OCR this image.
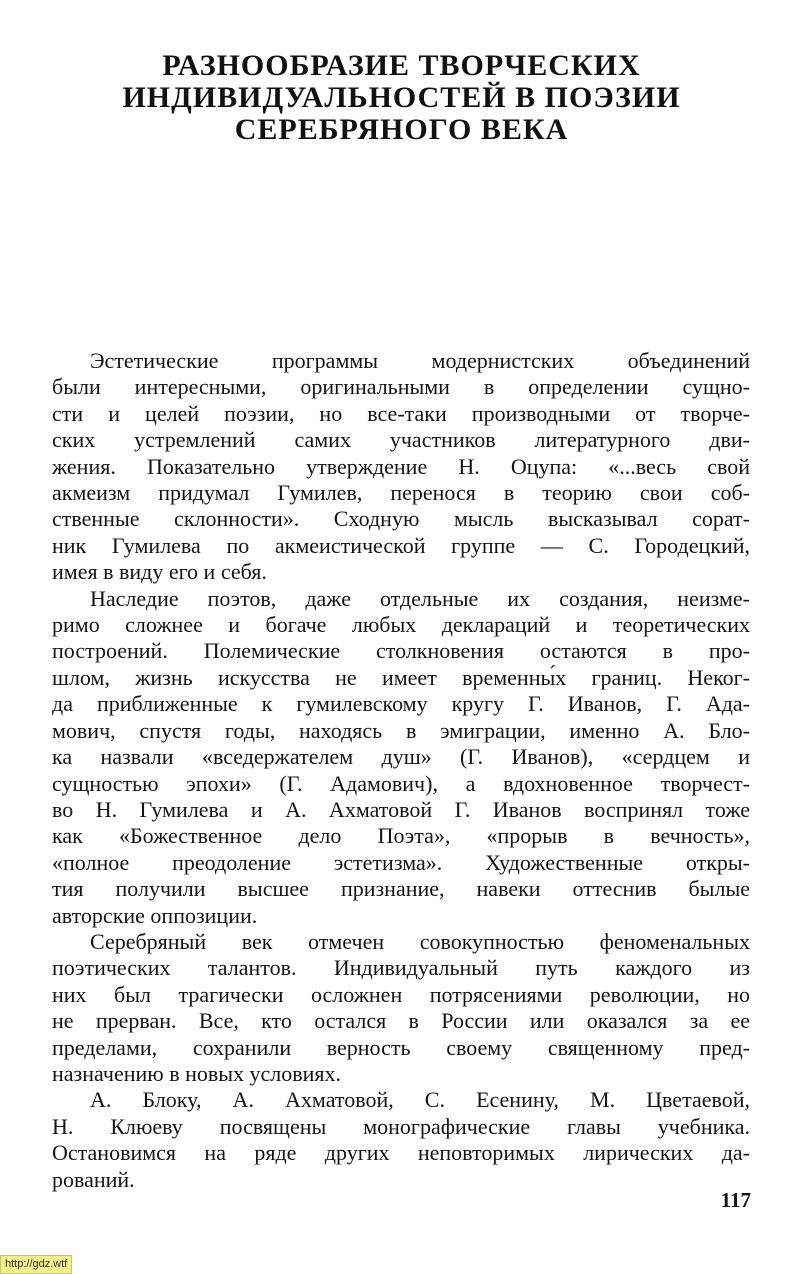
РАЗНООБРАЗИЕ ТВОРЧЕСКИХ
ИНДИВИДУАЛЬНОСТЕЙ В ПОЭЗИИ
СЕРЕБРЯНОГО ВЕКА

Эстетические программы модернистских объединений
были интересными, оригинальными в определении сущно-
сти и целей поэзии, но все-таки производными от творче-
ских устремлений самих участников литературного дви-
жения. Показательно утверждение Н. Оцупа: «...весь свой
акмеизм придумал Гумилев, перенося в теорию свои соб-
ственные склонности». Сходную мысль высказывал сорат-
ник Гумилева по акмеистической группе — С. Городецкий,
имея в виду его и себя.

Наследие поэтов, даже отдельные их создания, неизме-
римо сложнее и богаче любых деклараций и теоретических
построений. Полемические столкновения остаются в про-
шлом, жизнь искусства не имеет временны́х границ. Неког-
да приближенные к гумилевскому кругу Г. Иванов, Г. Ада-
мович, спустя годы, находясь в эмиграции, именно А. Бло-
ка назвали «вседержателем душ» (Г. Иванов), «сердцем и
сущностью эпохи» (Г. Адамович), а вдохновенное творчест-
во Н. Гумилева и А. Ахматовой Г. Иванов воспринял тоже
как «Божественное дело Поэта», «прорыв в вечность»,
«полное преодоление эстетизма». Художественные откры-
тия получили высшее признание, навеки оттеснив былые
авторские оппозиции.

Серебряный век отмечен совокупностью феноменальных
поэтических талантов. Индивидуальный путь каждого из
них был трагически осложнен потрясениями революции, но
не прерван. Все, кто остался в России или оказался за ее
пределами, сохранили верность своему священному пред-
назначению в новых условиях.

А. Блоку, А. Ахматовой, С. Есенину, М. Цветаевой,
Н. Клюеву посвящены монографические главы учебника.
Остановимся на ряде других неповторимых лирических да-
рований.

117
http://gdz.wtf
